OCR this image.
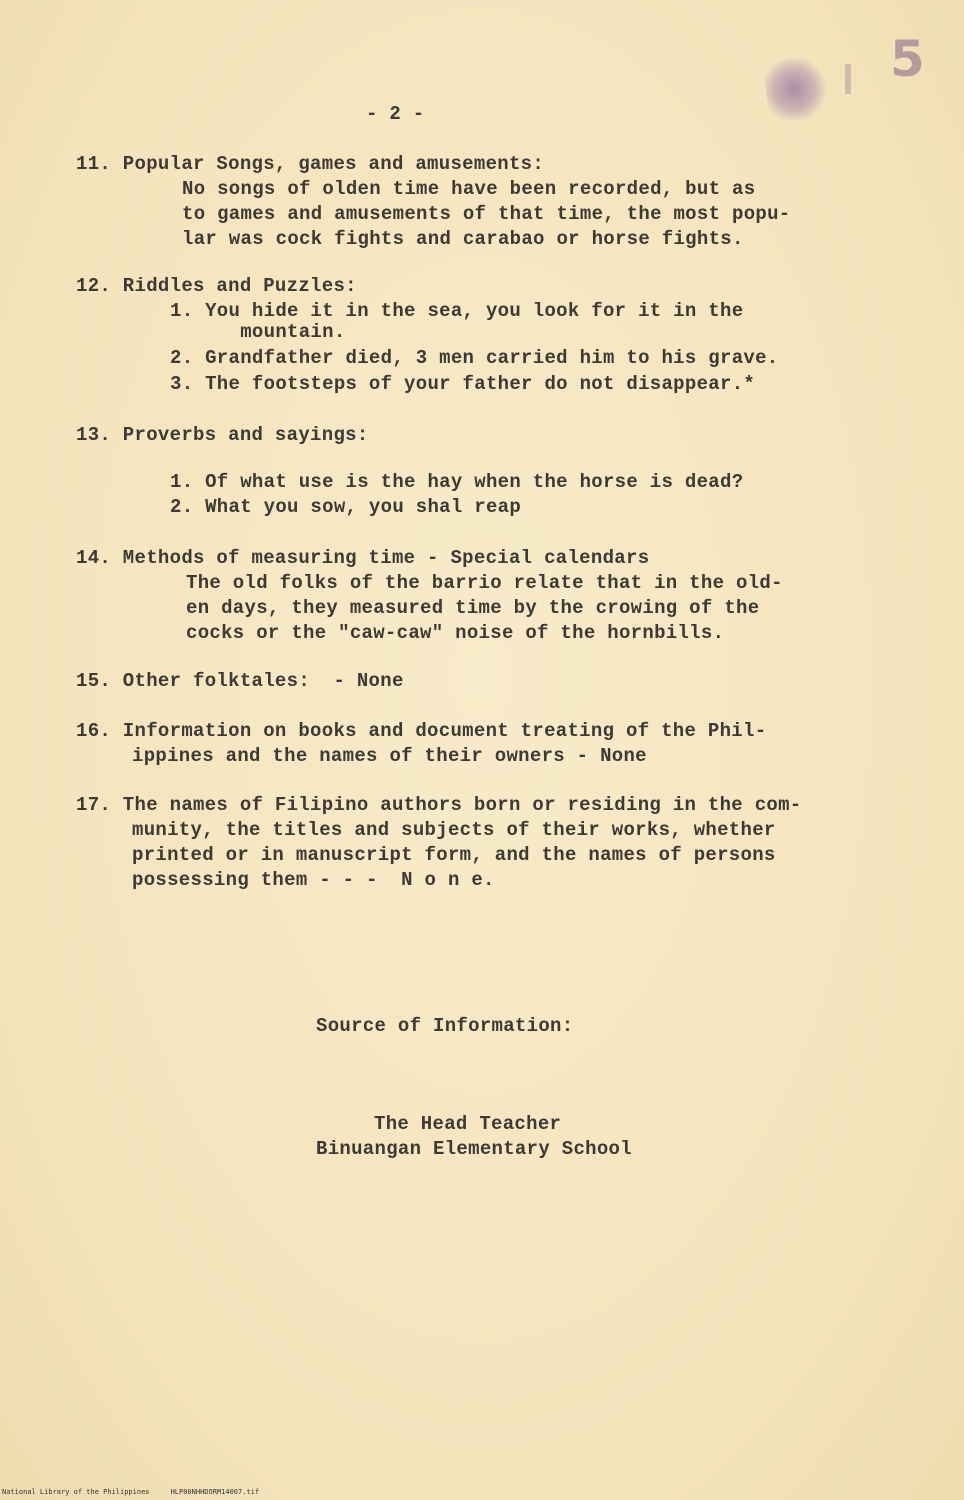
5
- 2 -
11. Popular Songs, games and amusements:
No songs of olden time have been recorded, but as
to games and amusements of that time, the most popu-
lar was cock fights and carabao or horse fights.
12. Riddles and Puzzles:
1. You hide it in the sea, you look for it in the
mountain.
2. Grandfather died, 3 men carried him to his grave.
3. The footsteps of your father do not disappear.*
13. Proverbs and sayings:
1. Of what use is the hay when the horse is dead?
2. What you sow, you shal reap
14. Methods of measuring time - Special calendars
The old folks of the barrio relate that in the old-
en days, they measured time by the crowing of the
cocks or the "caw-caw" noise of the hornbills.
15. Other folktales:  - None
16. Information on books and document treating of the Phil-
ippines and the names of their owners - None
17. The names of Filipino authors born or residing in the com-
munity, the titles and subjects of their works, whether
printed or in manuscript form, and the names of persons
possessing them - - -  N o n e.
Source of Information:
The Head Teacher
Binuangan Elementary School
National Library of the Philippines     HLP00NHHDORM14007.tif
